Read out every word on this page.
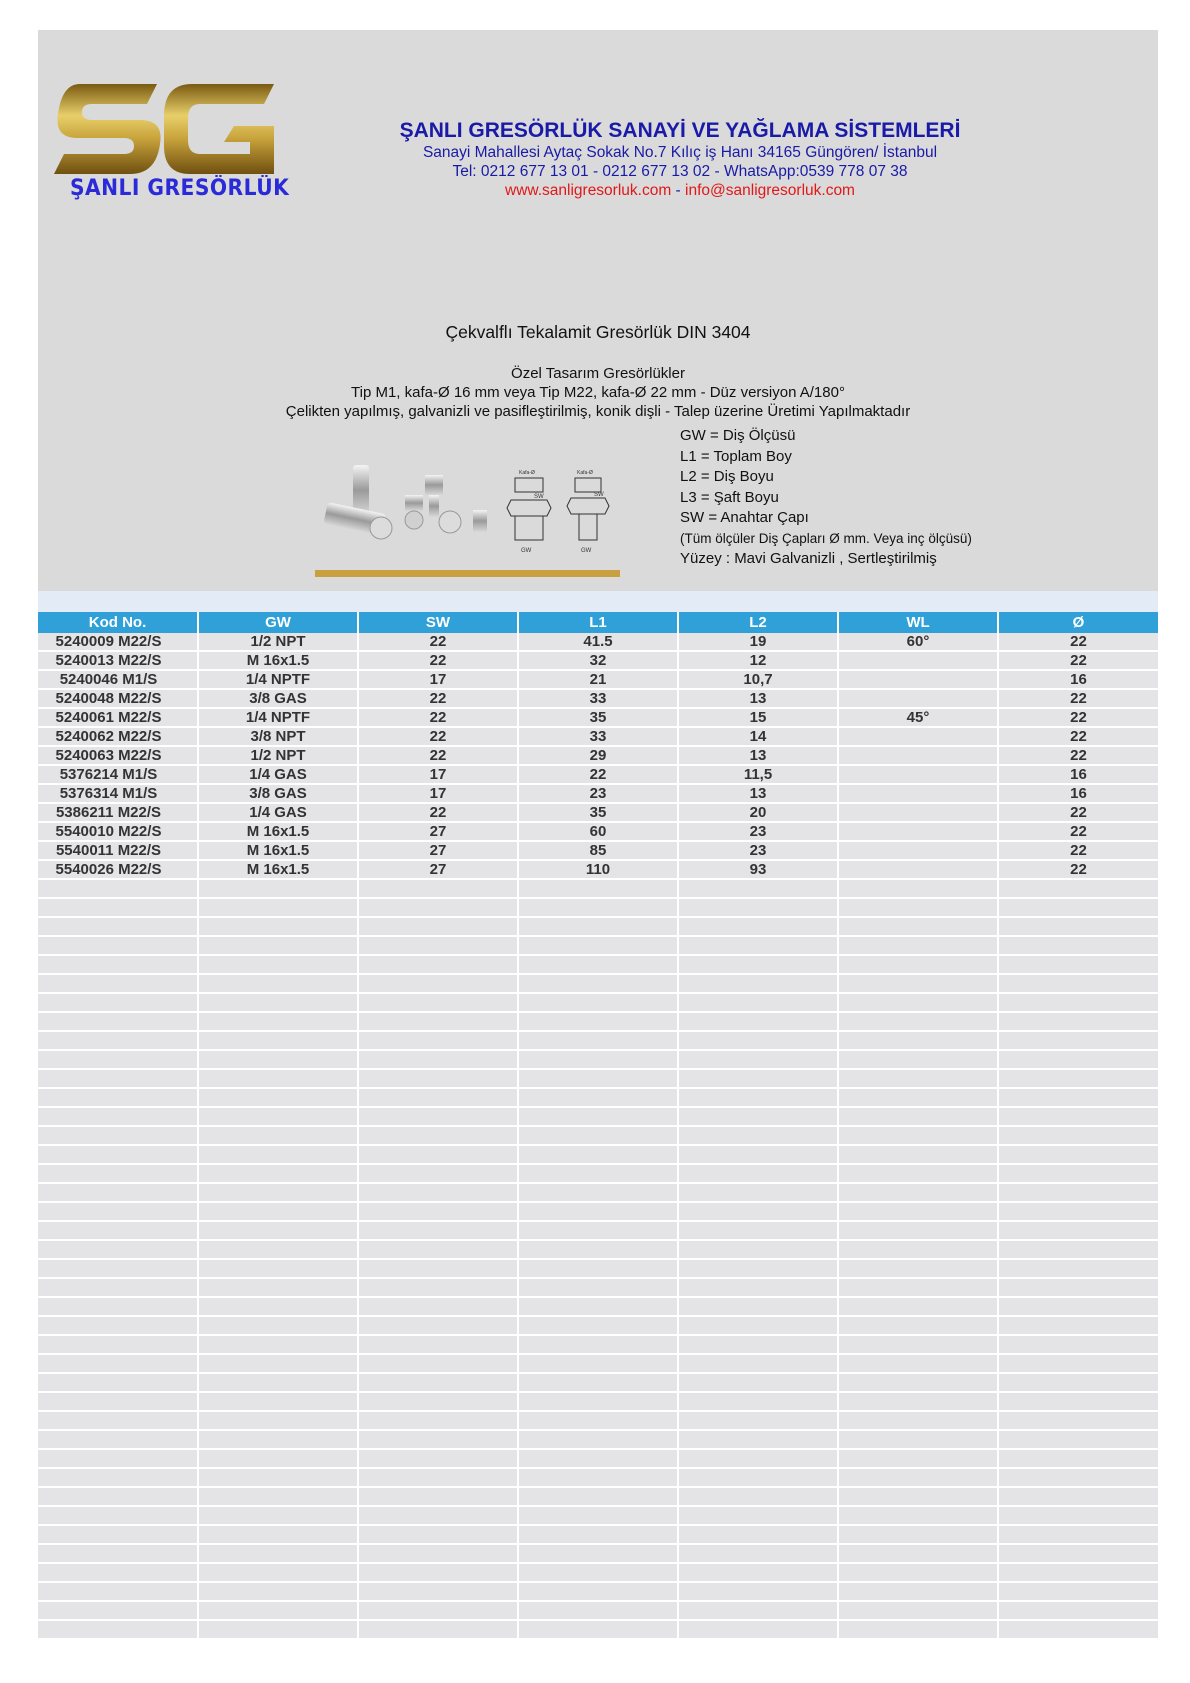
ŞANLI GRESÖRLÜK
ŞANLI GRESÖRLÜK SANAYİ VE YAĞLAMA SİSTEMLERİ
Sanayi Mahallesi Aytaç Sokak No.7 Kılıç iş Hanı 34165 Güngören/ İstanbul
Tel: 0212 677 13 01 - 0212 677 13 02 - WhatsApp:0539 778 07 38
www.sanligresorluk.com - info@sanligresorluk.com
Çekvalflı Tekalamit Gresörlük DIN 3404
Özel Tasarım Gresörlükler
Tip M1, kafa-Ø 16 mm veya Tip M22, kafa-Ø 22 mm - Düz versiyon A/180°
Çelikten yapılmış, galvanizli ve pasifleştirilmiş, konik dişli - Talep üzerine Üretimi Yapılmaktadır
GW = Diş Ölçüsü
L1 = Toplam Boy
L2 = Diş Boyu
L3 = Şaft Boyu
SW = Anahtar Çapı
(Tüm ölçüler Diş Çapları Ø mm. Veya inç ölçüsü)
Yüzey : Mavi Galvanizli , Sertleştirilmiş
SW
GW
SW
GW
Kafa-Ø	Kafa-Ø
Kod No.	GW	SW	L1	L2	WL	Ø
5240009 M22/S	1/2 NPT	22	41.5	19	60°	22
5240013 M22/S	M 16x1.5	22	32	12		22
5240046 M1/S	1/4 NPTF	17	21	10,7		16
5240048 M22/S	3/8 GAS	22	33	13		22
5240061 M22/S	1/4 NPTF	22	35	15	45°	22
5240062 M22/S	3/8 NPT	22	33	14		22
5240063 M22/S	1/2 NPT	22	29	13		22
5376214 M1/S	1/4 GAS	17	22	11,5		16
5376314 M1/S	3/8 GAS	17	23	13		16
5386211 M22/S	1/4 GAS	22	35	20		22
5540010 M22/S	M 16x1.5	27	60	23		22
5540011 M22/S	M 16x1.5	27	85	23		22
5540026 M22/S	M 16x1.5	27	110	93		22
